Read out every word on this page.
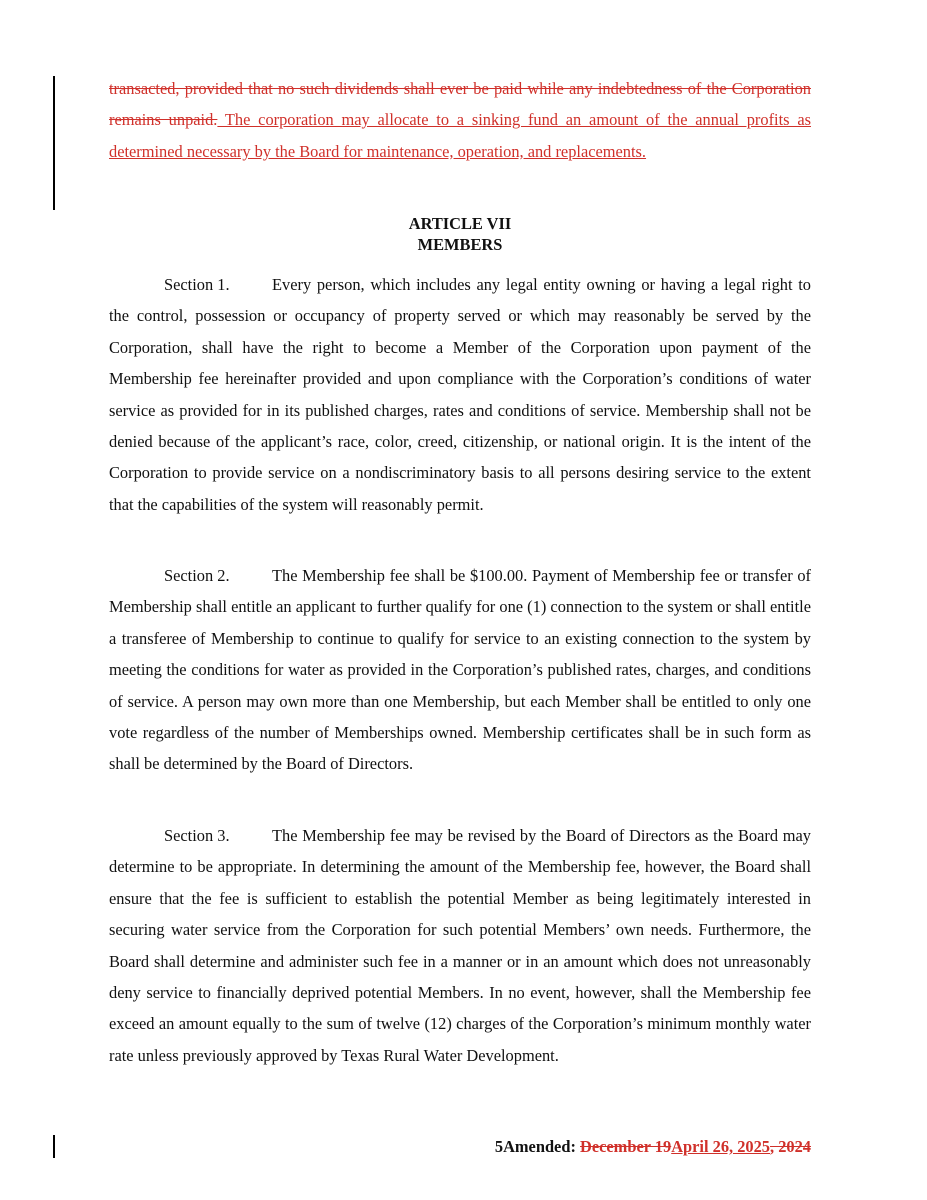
transacted, provided that no such dividends shall ever be paid while any indebtedness of the Corporation remains unpaid. The corporation may allocate to a sinking fund an amount of the annual profits as determined necessary by the Board for maintenance, operation, and replacements.

ARTICLE VII
MEMBERS

Section 1.	Every person, which includes any legal entity owning or having a legal right to the control, possession or occupancy of property served or which may reasonably be served by the Corporation, shall have the right to become a Member of the Corporation upon payment of the Membership fee hereinafter provided and upon compliance with the Corporation’s conditions of water service as provided for in its published charges, rates and conditions of service. Membership shall not be denied because of the applicant’s race, color, creed, citizenship, or national origin. It is the intent of the Corporation to provide service on a nondiscriminatory basis to all persons desiring service to the extent that the capabilities of the system will reasonably permit.

Section 2.	The Membership fee shall be $100.00. Payment of Membership fee or transfer of Membership shall entitle an applicant to further qualify for one (1) connection to the system or shall entitle a transferee of Membership to continue to qualify for service to an existing connection to the system by meeting the conditions for water as provided in the Corporation’s published rates, charges, and conditions of service. A person may own more than one Membership, but each Member shall be entitled to only one vote regardless of the number of Memberships owned. Membership certificates shall be in such form as shall be determined by the Board of Directors.

Section 3.	The Membership fee may be revised by the Board of Directors as the Board may determine to be appropriate. In determining the amount of the Membership fee, however, the Board shall ensure that the fee is sufficient to establish the potential Member as being legitimately interested in securing water service from the Corporation for such potential Members’ own needs. Furthermore, the Board shall determine and administer such fee in a manner or in an amount which does not unreasonably deny service to financially deprived potential Members. In no event, however, shall the Membership fee exceed an amount equally to the sum of twelve (12) charges of the Corporation’s minimum monthly water rate unless previously approved by Texas Rural Water Development.

5Amended: December 19April 26, 2025, 2024
